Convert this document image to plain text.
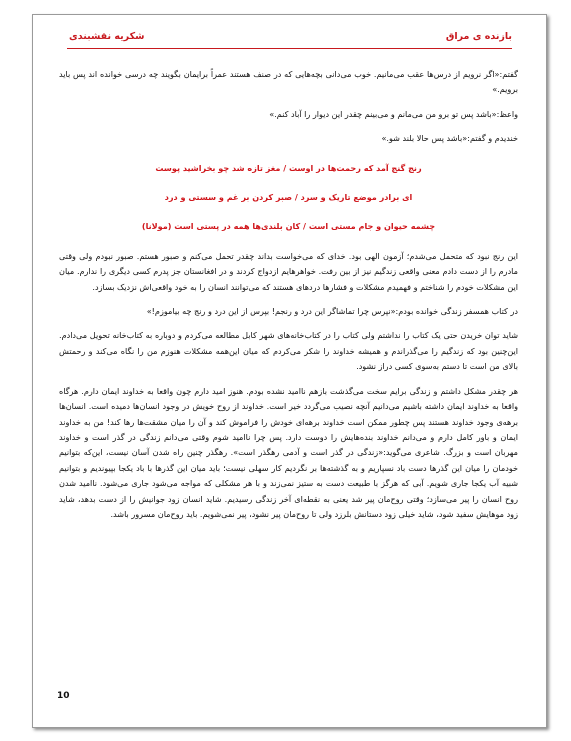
شکریه نقشبندی	بازنده ی مراق

گفتم:«اگر نرویم از درس‌ها عقب می‌مانیم. خوب می‌دانی بچه‌هایی که در صنف هستند عمراً برایمان بگویند چه درسی خوانده اند پس باید برویم.»

واعظ:«باشد پس تو برو من می‌مانم و می‌بینم چقدر این دیوار را آباد کنم.»

خندیدم و گفتم:«باشد پس حالا بلند شو.»

رنج گنج آمد که رحمت‌ها در اوست / مغز تازه شد چو بخراشید پوست

ای برادر موضع تاریک و سرد / صبر کردن بر غم و سستی و درد

چشمه حیوان و جام مستی است / کان بلندی‌ها همه در پستی است (مولانا)

این رنج نبود که متحمل می‌شدم؛ آزمون الهی بود. خدای که می‌خواست بداند چقدر تحمل می‌کنم و صبور هستم. صبور نبودم ولی وقتی مادرم را از دست دادم معنی واقعی زندگیم نیز از بین رفت. خواهرهایم ازدواج کردند و در افغانستان جز پدرم کسی دیگری را ندارم. میان این مشکلات خودم را شناختم و فهمیدم مشکلات و فشارها دردهای هستند که می‌توانند انسان را به خود واقعی‌اش نزدیک بسازد.

در کتاب همسفر زندگی خوانده بودم:«نپرس چرا تماشاگر این درد و رنجم! بپرس از این درد و رنج چه بیاموزم!»

شاید توان خریدن حتی یک کتاب را نداشتم ولی کتاب را در کتاب‌خانه‌های شهر کابل مطالعه می‌کردم و دوباره به کتاب‌خانه تحویل می‌دادم. این‌چنین بود که زندگیم را می‌گذراندم و همیشه خداوند را شکر می‌کردم که میان این‌همه مشکلات هنوزم من را نگاه می‌کند و رحمتش بالای من است تا دستم به‌سوی کسی دراز نشود.

هر چقدر مشکل داشتم و زندگی برایم سخت می‌گذشت بازهم ناامید نشده بودم. هنوز امید دارم چون واقعا به خداوند ایمان دارم. هرگاه واقعا به خداوند ایمان داشته باشیم می‌دانیم آنچه نصیب می‌گردد خیر است. خداوند از روح خویش در وجود انسان‌ها دمیده است. انسان‌ها برهه‌ی وجود خداوند هستند پس چطور ممکن است خداوند برهه‌ای خودش را فراموش کند و آن را میان مشقت‌ها رها کند! من به خداوند ایمان و باور کامل دارم و می‌دانم خداوند بنده‌هایش را دوست دارد. پس چرا ناامید شوم وقتی می‌دانم زندگی در گذر است و خداوند مهربان است و بزرگ. شاعری می‌گوید:«زندگی در گذر است و آدمی رهگذر است». رهگذر چنین راه شدن آسان نیست، این‌که بتوانیم خودمان را میان این گذرها دست باد نسپاریم و به گذشته‌ها بر نگردیم کار سهلی نیست؛ باید میان این گذرها با باد یکجا بپیوندیم و بتوانیم شبیه آب یکجا جاری شویم. آبی که هرگز با طبیعت دست به ستیز نمی‌زند و با هر مشکلی که مواجه می‌شود جاری می‌شود. ناامید شدن روح انسان را پیر می‌سازد؛ وقتی روح‌مان پیر شد یعنی به نقطه‌ای آخر زندگی رسیدیم. شاید انسان زود جوانیش را از دست بدهد، شاید زود موهایش سفید شود، شاید خیلی زود دستانش بلرزد ولی تا روح‌مان پیر نشود، پیر نمی‌شویم. باید روح‌مان مسرور باشد.

10
